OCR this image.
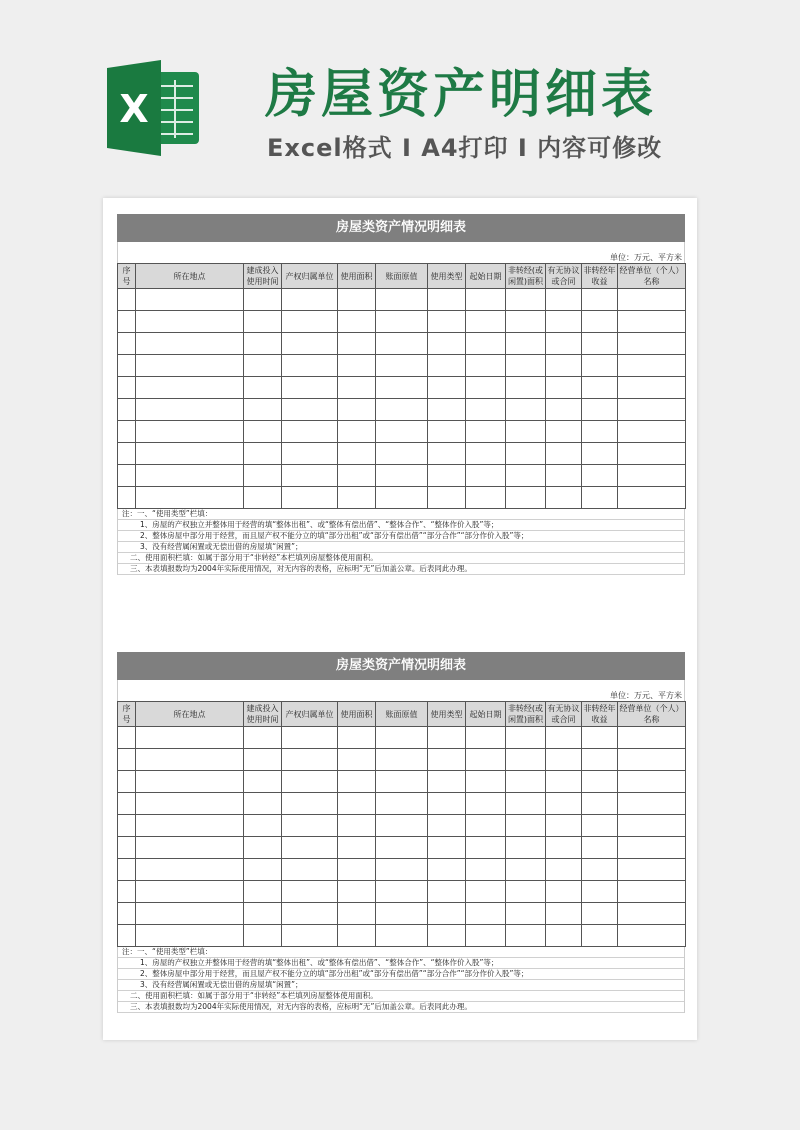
X 房屋资产明细表
Excel格式 I A4打印 I 内容可修改
房屋类资产情况明细表
单位：万元、平方米
序号	所在地点	建成投入使用时间	产权归属单位	使用面积	账面原值	使用类型	起始日期	非转经(或闲置)面积	有无协议或合同	非转经年收益	经营单位（个人）名称

注：一、“使用类型”栏填：
1、房屋的产权独立并整体用于经营的填“整体出租”、或“整体有偿出借”、“整体合作”、“整体作价入股”等；
2、整体房屋中部分用于经营，而且屋产权不能分立的填“部分出租”或“部分有偿出借”“部分合作”“部分作价入股”等；
3、没有经营属闲置或无偿出借的房屋填“闲置”；
二、使用面积栏填：如属于部分用于“非转经”本栏填列房屋整体使用面积。
三、本表填报数均为2004年实际使用情况，对无内容的表格，应标明“无”后加盖公章。后表同此办理。
房屋类资产情况明细表
单位：万元、平方米
序号	所在地点	建成投入使用时间	产权归属单位	使用面积	账面原值	使用类型	起始日期	非转经(或闲置)面积	有无协议或合同	非转经年收益	经营单位（个人）名称

注：一、“使用类型”栏填：
1、房屋的产权独立并整体用于经营的填“整体出租”、或“整体有偿出借”、“整体合作”、“整体作价入股”等；
2、整体房屋中部分用于经营，而且屋产权不能分立的填“部分出租”或“部分有偿出借”“部分合作”“部分作价入股”等；
3、没有经营属闲置或无偿出借的房屋填“闲置”；
二、使用面积栏填：如属于部分用于“非转经”本栏填列房屋整体使用面积。
三、本表填报数均为2004年实际使用情况，对无内容的表格，应标明“无”后加盖公章。后表同此办理。
